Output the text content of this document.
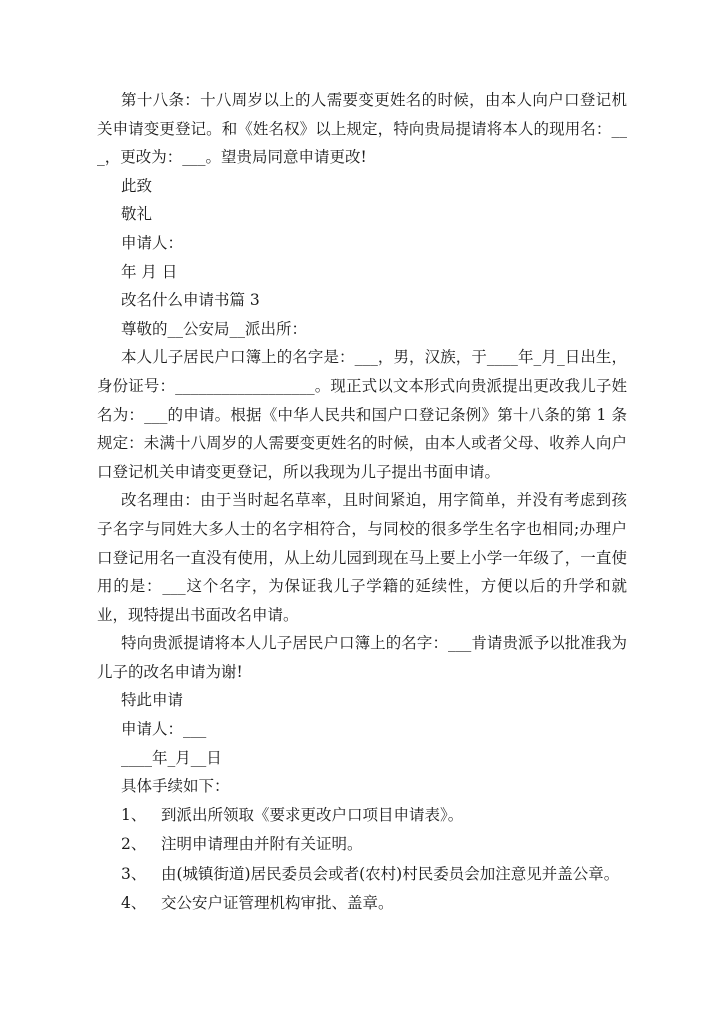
第十八条：十八周岁以上的人需要变更姓名的时候，由本人向户口登记机关申请变更登记。和《姓名权》以上规定，特向贵局提请将本人的现用名：___，更改为：___。望贵局同意申请更改!

此致

敬礼

申请人：

年 月 日

改名什么申请书篇 3

尊敬的__公安局__派出所：

本人儿子居民户口簿上的名字是：___，男，汉族，于____年_月_日出生，身份证号：__________________。现正式以文本形式向贵派提出更改我儿子姓名为：___的申请。根据《中华人民共和国户口登记条例》第十八条的第 1 条规定：未满十八周岁的人需要变更姓名的时候，由本人或者父母、收养人向户口登记机关申请变更登记，所以我现为儿子提出书面申请。

改名理由：由于当时起名草率，且时间紧迫，用字简单，并没有考虑到孩子名字与同姓大多人士的名字相符合，与同校的很多学生名字也相同;办理户口登记用名一直没有使用，从上幼儿园到现在马上要上小学一年级了，一直使用的是：___这个名字，为保证我儿子学籍的延续性，方便以后的升学和就业，现特提出书面改名申请。

特向贵派提请将本人儿子居民户口簿上的名字：___肯请贵派予以批准我为儿子的改名申请为谢!

特此申请

申请人：___

____年_月__日

具体手续如下：

1、 到派出所领取《要求更改户口项目申请表》。

2、 注明申请理由并附有关证明。

3、 由(城镇街道)居民委员会或者(农村)村民委员会加注意见并盖公章。

4、 交公安户证管理机构审批、盖章。
